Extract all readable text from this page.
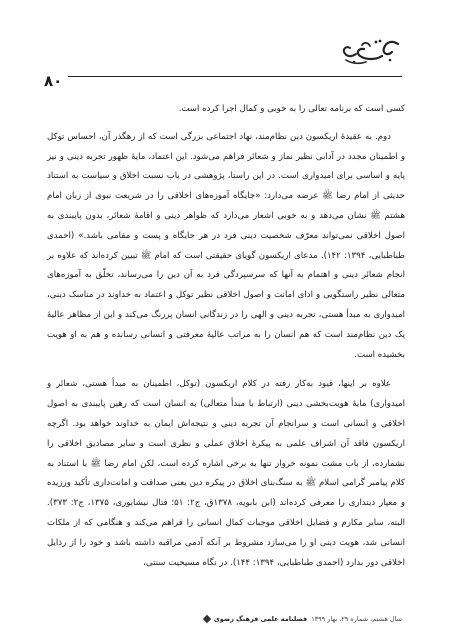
۸۰

کسی است که برنامه تعالی را به خوبی و کمال اجرا کرده است.

دوم. به عقیدۀ اریکسون دین نظام‌مند، نهاد اجتماعی بزرگی است که از رهگذر آن، احساس توکل و اطمینان مجدد در آدابی نظیر نماز و شعائر فراهم می‌شود. این اعتماد، مایۀ ظهور تجربه دینی و نیز پایه و اساسی برای امیدواری است. در این راستا، پژوهشی در باب نسبت اخلاق و سیاست به استناد حدیثی از امام رضا ﷺ عرضه می‌دارد: «جایگاه آموزه‌های اخلاقی را در شریعت نبوی از زبان امام هشتم ﷺ نشان می‌دهد و به خوبی اشعار می‌دارد که ظواهر دینی و اقامۀ شعائر، بدون پایبندی به اصول اخلاقی نمی‌تواند معرّف شخصیت دینی فرد در هر جایگاه و پست و مقامی باشد.» (احمدی طباطبایی، ۱۳۹۴: ۱۴۲). مدعای اریکسون گویای حقیقتی است که امام ﷺ تبیین کرده‌اند که علاوه بر انجام شعائر دینی و اهتمام به آنها که سرسپردگی فرد به آن دین را می‌رساند، تخلّق به آموزه‌های متعالی نظیر راستگویی و ادای امانت و اصول اخلاقی نظیر توکل و اعتماد به خداوند در مناسک دینی، امیدواری به مبدأ هستی، تجربه دینی و الهی را در زندگانی انسان پررنگ می‌کند و این از مظاهر عالیۀ یک دین نظام‌مند است که هم انسان را به مراتب عالیۀ معرفتی و انسانی رسانده و هم به او هویت بخشیده است.

علاوه بر اینها، قیود به‌کار رفته در کلام اریکسون (توکل، اطمینان به مبدأ هستی، شعائر و امیدواری) مایۀ هویت‌بخشی دینی (ارتباط با مبدأ متعالی) به انسان است که رهین پایبندی به اصول اخلاقی و انسانی است و سرانجام آن تجربه دینی و نتیجه‌اش ایمان به خداوند خواهد بود. اگرچه اریکسون فاقد آن اشراف علمی به پیکرۀ اخلاق عملی و نظری است و سایر مصادیق اخلاقی را نشمارده، از باب مشت نمونه خروار تنها به برخی اشاره کرده است، لکن امام رضا ﷺ با استناد به کلام پیامبر گرامی اسلام ﷺ به سنگ‌بنای اخلاق در پیکره دین یعنی صداقت و امانت‌داری تأکید ورزیده و معیار دینداری را معرفی کرده‌اند (ابن بابویه، ۱۳۷۸ق، ج۲: ۵۱؛ فتال نیشابوری، ۱۳۷۵، ج۲: ۳۷۳). البته، سایر مکارم و فضایل اخلاقی موجبات کمال انسانی را فراهم می‌کند و هنگامی که از ملکات انسانی شد، هویت دینی او را می‌سازد مشروط بر آنکه آدمی مراقبه داشته باشد و خود را از رذایل اخلاقی دور بدارد (احمدی طباطبایی، ۱۳۹۴: ۱۴۴). در نگاه مسیحیت سنتی،

فصلنامه علمی فرهنگ رضوی سال هشتم، شماره ۲۹، بهار ۱۳۹۹
